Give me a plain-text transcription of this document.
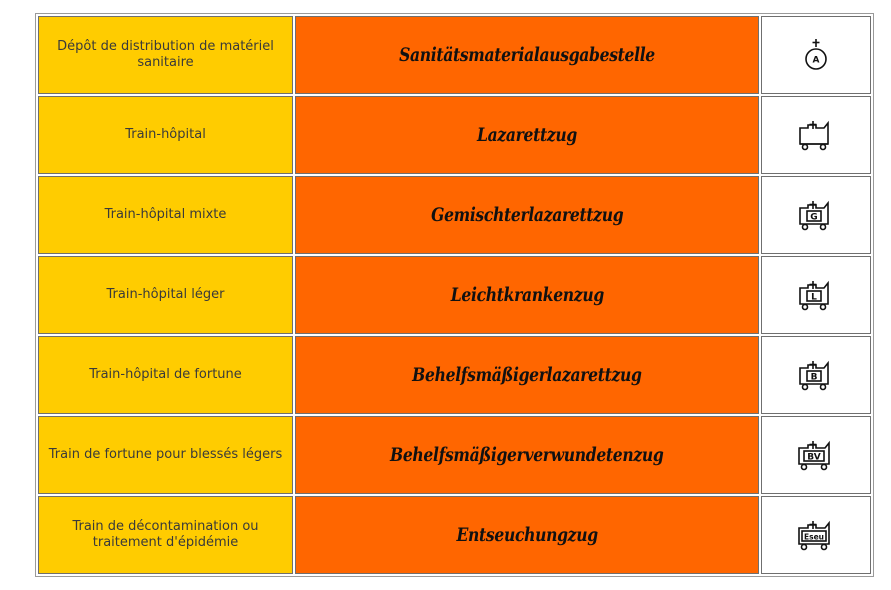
Dépôt de distribution de matériel sanitaire	Sanitätsmaterialausgabestelle	A

Train-hôpital	Lazarettzug	

Train-hôpital mixte	Gemischterlazarettzug	G

Train-hôpital léger	Leichtkrankenzug	L

Train-hôpital de fortune	Behelfsmäßigerlazarettzug	B

Train de fortune pour blessés légers	Behelfsmäßigerverwundetenzug	BV

Train de décontamination ou traitement d'épidémie	Entseuchungzug	Eseu
